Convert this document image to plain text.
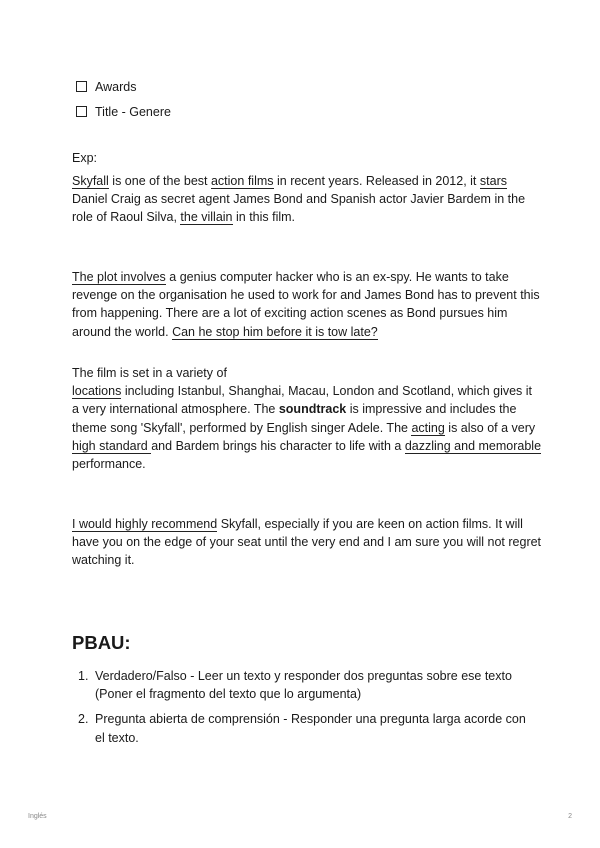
Awards
Title - Genere
Exp:
Skyfall is one of the best action films in recent years. Released in 2012, it stars Daniel Craig as secret agent James Bond and Spanish actor Javier Bardem in the role of Raoul Silva, the villain in this film.
The plot involves a genius computer hacker who is an ex-spy. He wants to take revenge on the organisation he used to work for and James Bond has to prevent this from happening. There are a lot of exciting action scenes as Bond pursues him around the world. Can he stop him before it is tow late?
The film is set in a variety of
locations including Istanbul, Shanghai, Macau, London and Scotland, which gives it a very international atmosphere. The soundtrack is impressive and includes the theme song 'Skyfall', performed by English singer Adele. The acting is also of a very high standard and Bardem brings his character to life with a dazzling and memorable performance.
I would highly recommend Skyfall, especially if you are keen on action films. It will have you on the edge of your seat until the very end and I am sure you will not regret watching it.
PBAU:
1. Verdadero/Falso - Leer un texto y responder dos preguntas sobre ese texto (Poner el fragmento del texto que lo argumenta)
2. Pregunta abierta de comprensión - Responder una pregunta larga acorde con el texto.
Inglés	2
